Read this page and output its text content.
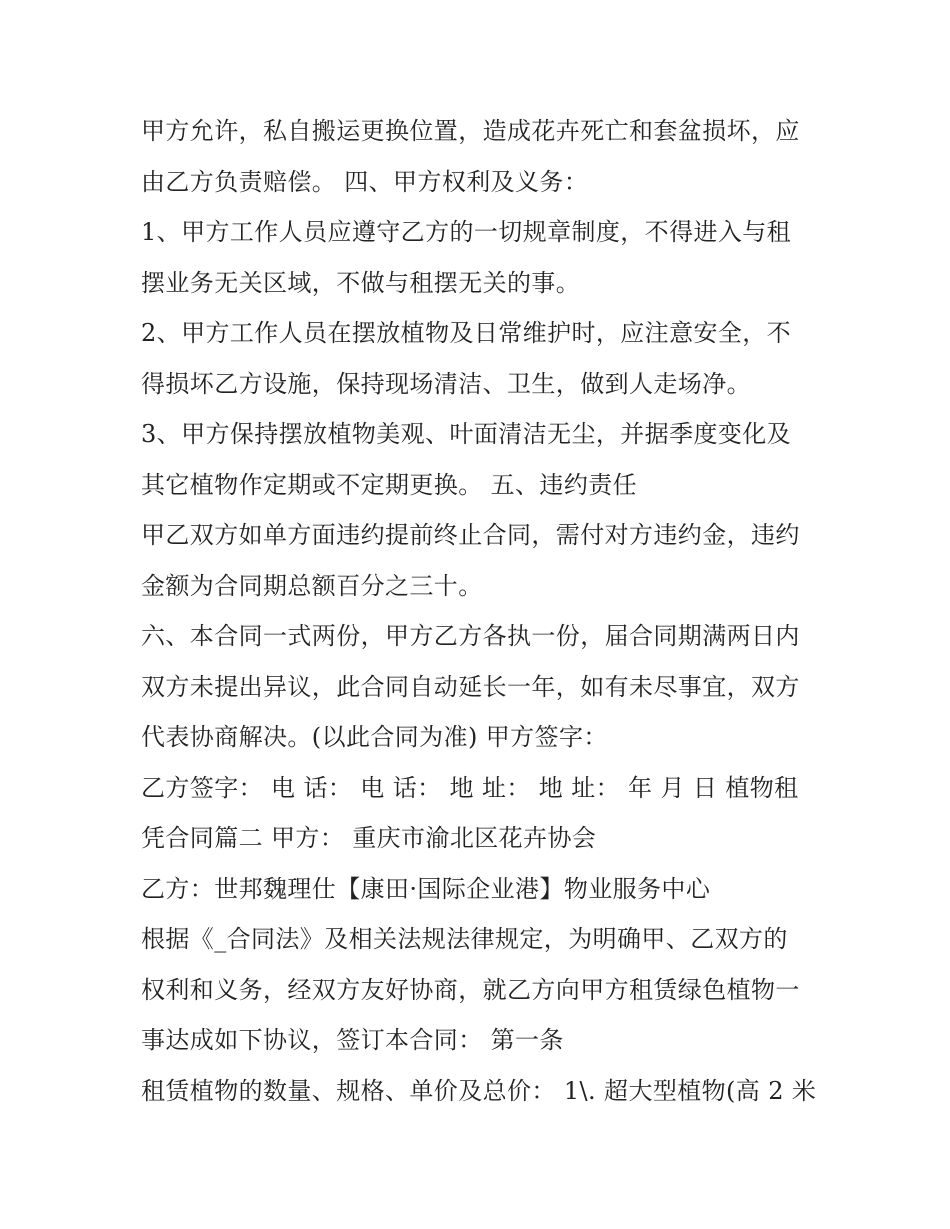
甲方允许，私自搬运更换位置，造成花卉死亡和套盆损坏，应
由乙方负责赔偿。 四、甲方权利及义务：
1、甲方工作人员应遵守乙方的一切规章制度，不得进入与租
摆业务无关区域，不做与租摆无关的事。
2、甲方工作人员在摆放植物及日常维护时，应注意安全，不
得损坏乙方设施，保持现场清洁、卫生，做到人走场净。
3、甲方保持摆放植物美观、叶面清洁无尘，并据季度变化及
其它植物作定期或不定期更换。 五、违约责任
甲乙双方如单方面违约提前终止合同，需付对方违约金，违约
金额为合同期总额百分之三十。
六、本合同一式两份，甲方乙方各执一份，届合同期满两日内
双方未提出异议，此合同自动延长一年，如有未尽事宜，双方
代表协商解决。(以此合同为准) 甲方签字：
乙方签字： 电 话： 电 话： 地 址： 地 址： 年 月 日 植物租
凭合同篇二 甲方： 重庆市渝北区花卉协会
乙方：世邦魏理仕【康田·国际企业港】物业服务中心
根据《_合同法》及相关法规法律规定，为明确甲、乙双方的
权利和义务，经双方友好协商，就乙方向甲方租赁绿色植物一
事达成如下协议，签订本合同： 第一条
租赁植物的数量、规格、单价及总价： 1\. 超大型植物(高 2 米
